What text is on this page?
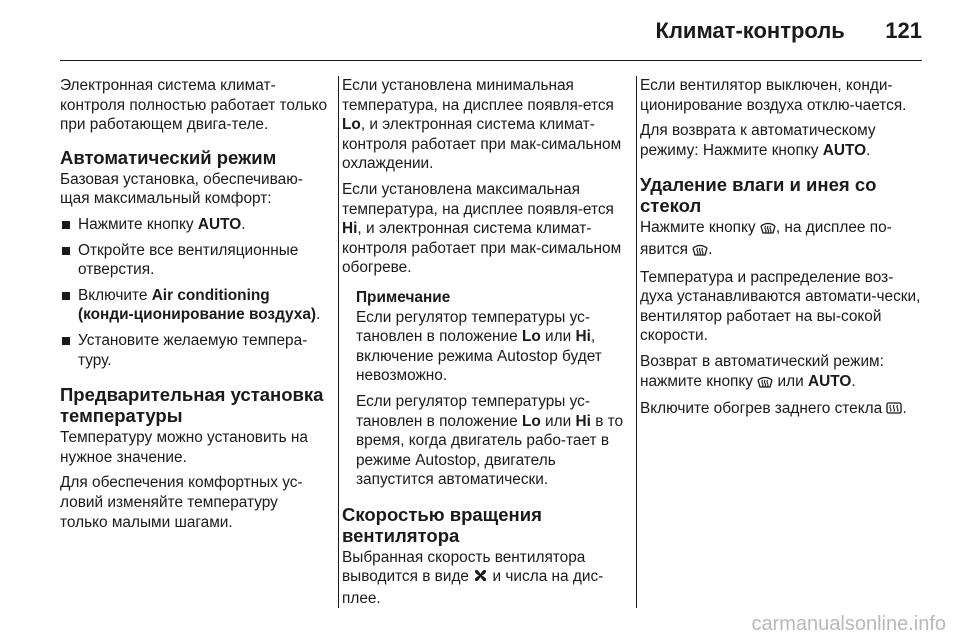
Климат-контроль 121

Электронная система климат-контроля полностью работает только при работающем двига-теле.

Автоматический режим

Базовая установка, обеспечиваю-щая максимальный комфорт:

Нажмите кнопку AUTO.
Откройте все вентиляционные отверстия.
Включите Air conditioning (конди-ционирование воздуха).
Установите желаемую темпера-туру.
Предварительная установка температуры

Температуру можно установить на нужное значение.

Для обеспечения комфортных ус-ловий изменяйте температуру только малыми шагами.

Если установлена минимальная температура, на дисплее появля-ется Lo, и электронная система климат-контроля работает при мак-симальном охлаждении.

Если установлена максимальная температура, на дисплее появля-ется Hi, и электронная система климат-контроля работает при мак-симальном обогреве.

Примечание

Если регулятор температуры ус-тановлен в положение Lo или Hi, включение режима Autostop будет невозможно.

Если регулятор температуры ус-тановлен в положение Lo или Hi в то время, когда двигатель рабо-тает в режиме Autostop, двигатель запустится автоматически.

Скоростью вращения вентилятора

Выбранная скорость вентилятора выводится в виде  и числа на дис-плее.

Если вентилятор выключен, конди-ционирование воздуха отклю-чается.

Для возврата к автоматическому режиму: Нажмите кнопку AUTO.

Удаление влаги и инея со стекол

Нажмите кнопку , на дисплее по-явится .

Температура и распределение воз-духа устанавливаются автомати-чески, вентилятор работает на вы-сокой скорости.

Возврат в автоматический режим: нажмите кнопку  или AUTO.

Включите обогрев заднего стекла .

carmanualsonline.info
